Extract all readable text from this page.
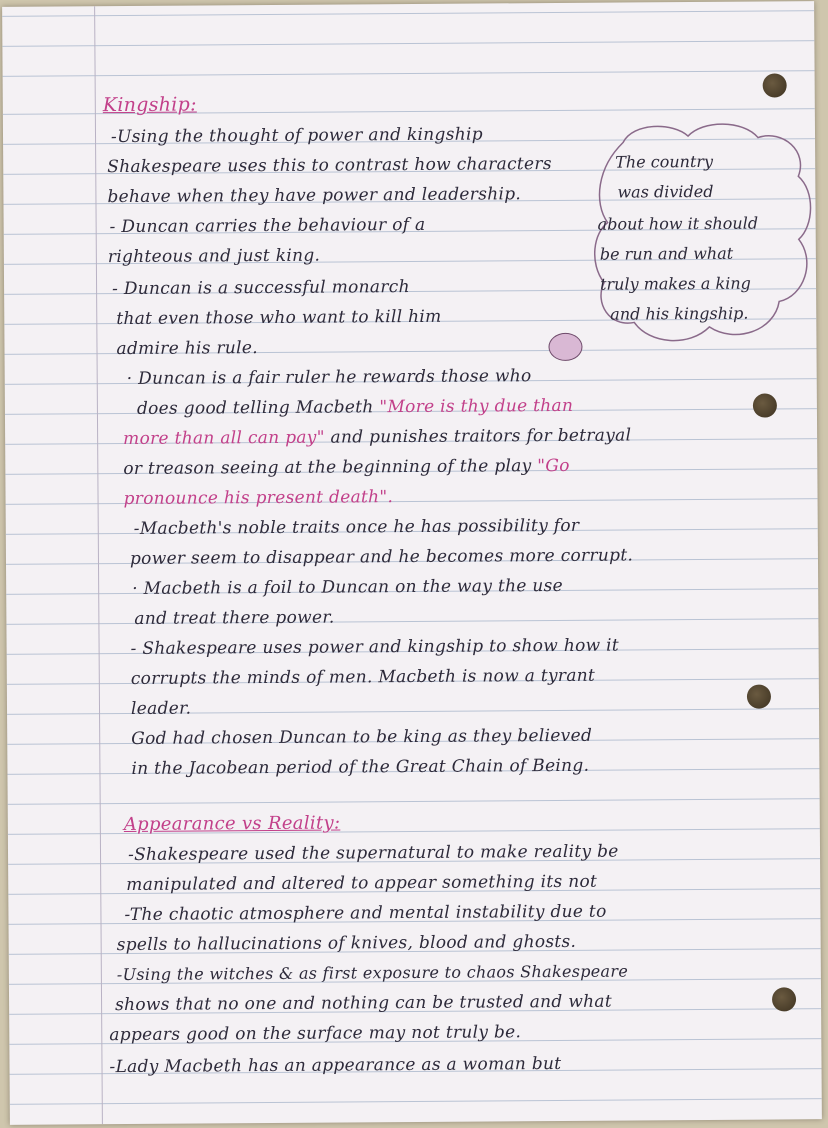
Kingship:

-Using the thought of power and kingship

Shakespeare uses this to contrast how characters

behave when they have power and leadership.

- Duncan carries the behaviour of a

righteous and just king.

- Duncan is a successful monarch

that even those who want to kill him

admire his rule.

· Duncan is a fair ruler he rewards those who

does good telling Macbeth "More is thy due than

more than all can pay" and punishes traitors for betrayal

or treason seeing at the beginning of the play "Go

pronounce his present death".

-Macbeth's noble traits once he has possibility for

power seem to disappear and he becomes more corrupt.

· Macbeth is a foil to Duncan on the way the use

and treat there power.

- Shakespeare uses power and kingship to show how it

corrupts the minds of men. Macbeth is now a tyrant

leader.

God had chosen Duncan to be king as they believed

in the Jacobean period of the Great Chain of Being.

The country

was divided

about how it should

be run and what

truly makes a king

and his kingship.

Appearance vs Reality:

-Shakespeare used the supernatural to make reality be

manipulated and altered to appear something its not

-The chaotic atmosphere and mental instability due to

spells to hallucinations of knives, blood and ghosts.

-Using the witches & as first exposure to chaos Shakespeare

shows that no one and nothing can be trusted and what

appears good on the surface may not truly be.

-Lady Macbeth has an appearance as a woman but
